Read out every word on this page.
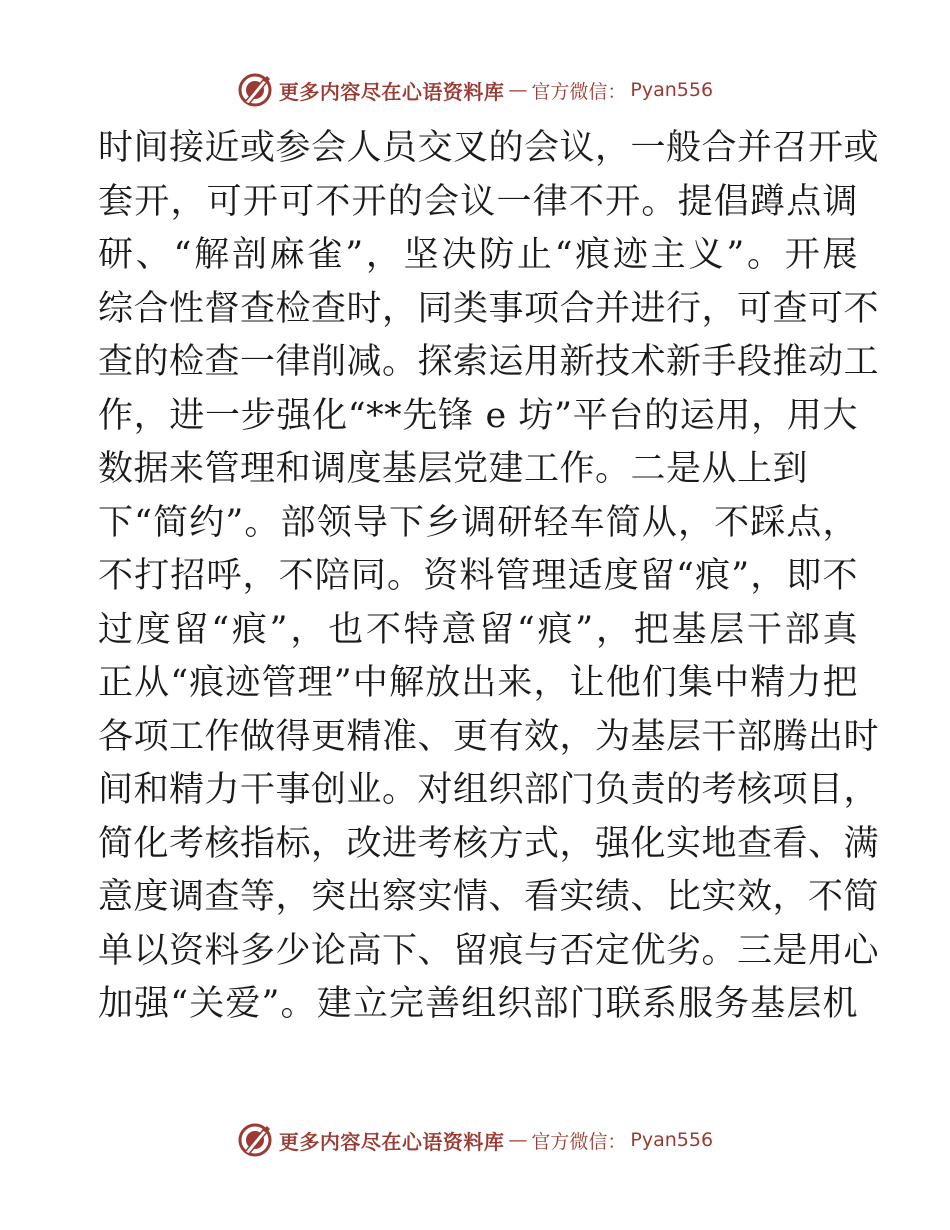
更多内容尽在心语资料库 — 官方微信： Pyan556
时间接近或参会人员交叉的会议，一般合并召开或
套开，可开可不开的会议一律不开。提倡蹲点调
研、“解剖麻雀”，坚决防止“痕迹主义”。开展
综合性督查检查时，同类事项合并进行，可查可不
查的检查一律削减。探索运用新技术新手段推动工
作，进一步强化“**先锋 e 坊”平台的运用，用大
数据来管理和调度基层党建工作。二是从上到
下“简约”。部领导下乡调研轻车简从，不踩点，
不打招呼，不陪同。资料管理适度留“痕”，即不
过度留“痕”，也不特意留“痕”，把基层干部真
正从“痕迹管理”中解放出来，让他们集中精力把
各项工作做得更精准、更有效，为基层干部腾出时
间和精力干事创业。对组织部门负责的考核项目，
简化考核指标，改进考核方式，强化实地查看、满
意度调查等，突出察实情、看实绩、比实效，不简
单以资料多少论高下、留痕与否定优劣。三是用心
加强“关爱”。建立完善组织部门联系服务基层机
更多内容尽在心语资料库 — 官方微信： Pyan556
